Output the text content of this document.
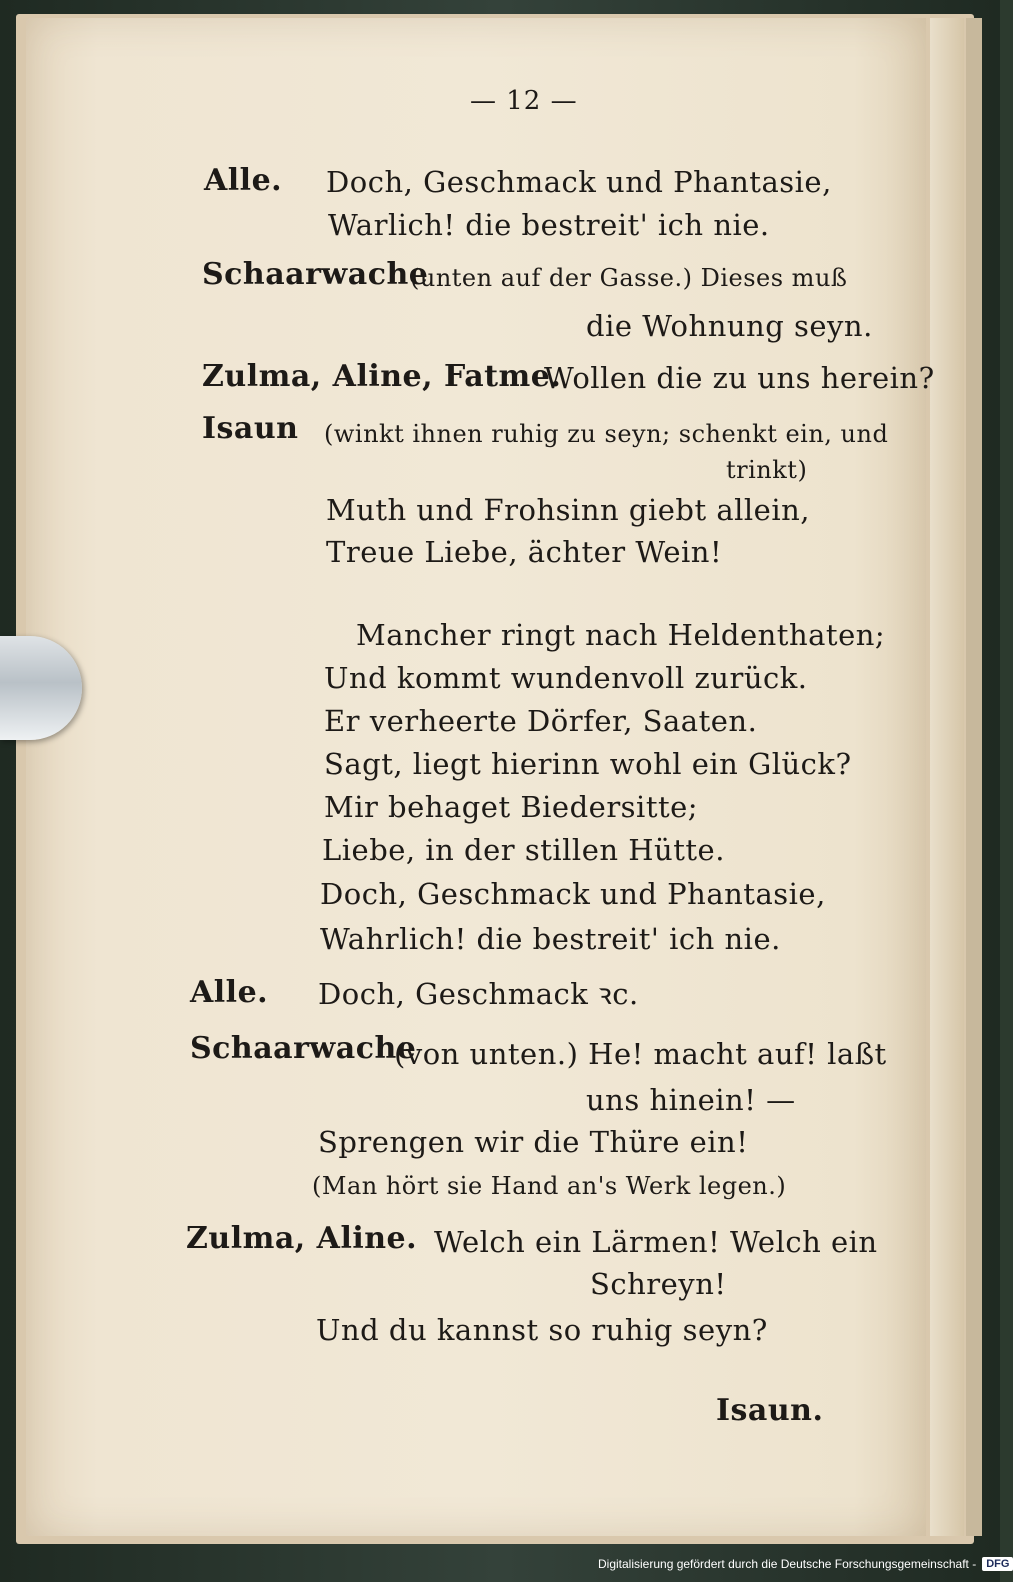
— 12 —
Alle. Doch, Geschmack und Phantasie,
Warlich! die bestreit' ich nie.
Schaarwache
(unten auf der Gasse.) Dieses muß
die Wohnung seyn.
Zulma, Aline, Fatme.
Wollen die zu uns herein?
Isaun (winkt ihnen ruhig zu seyn; schenkt ein, und
trinkt)
Muth und Frohsinn giebt allein,
Treue Liebe, ächter Wein!
Mancher ringt nach Heldenthaten;
Und kommt wundenvoll zurück.
Er verheerte Dörfer, Saaten.
Sagt, liegt hierinn wohl ein Glück?
Mir behaget Biedersitte;
Liebe, in der stillen Hütte.
Doch, Geschmack und Phantasie,
Wahrlich! die bestreit' ich nie.
Alle. Doch, Geschmack ꝛc.
Schaarwache
(von unten.) He! macht auf! laßt
uns hinein! —
Sprengen wir die Thüre ein!
(Man hört sie Hand an's Werk legen.)
Zulma, Aline. Welch ein Lärmen! Welch ein
Schreyn!
Und du kannst so ruhig seyn?
Isaun.
Digitalisierung gefördert durch die Deutsche Forschungsgemeinschaft - DFG
